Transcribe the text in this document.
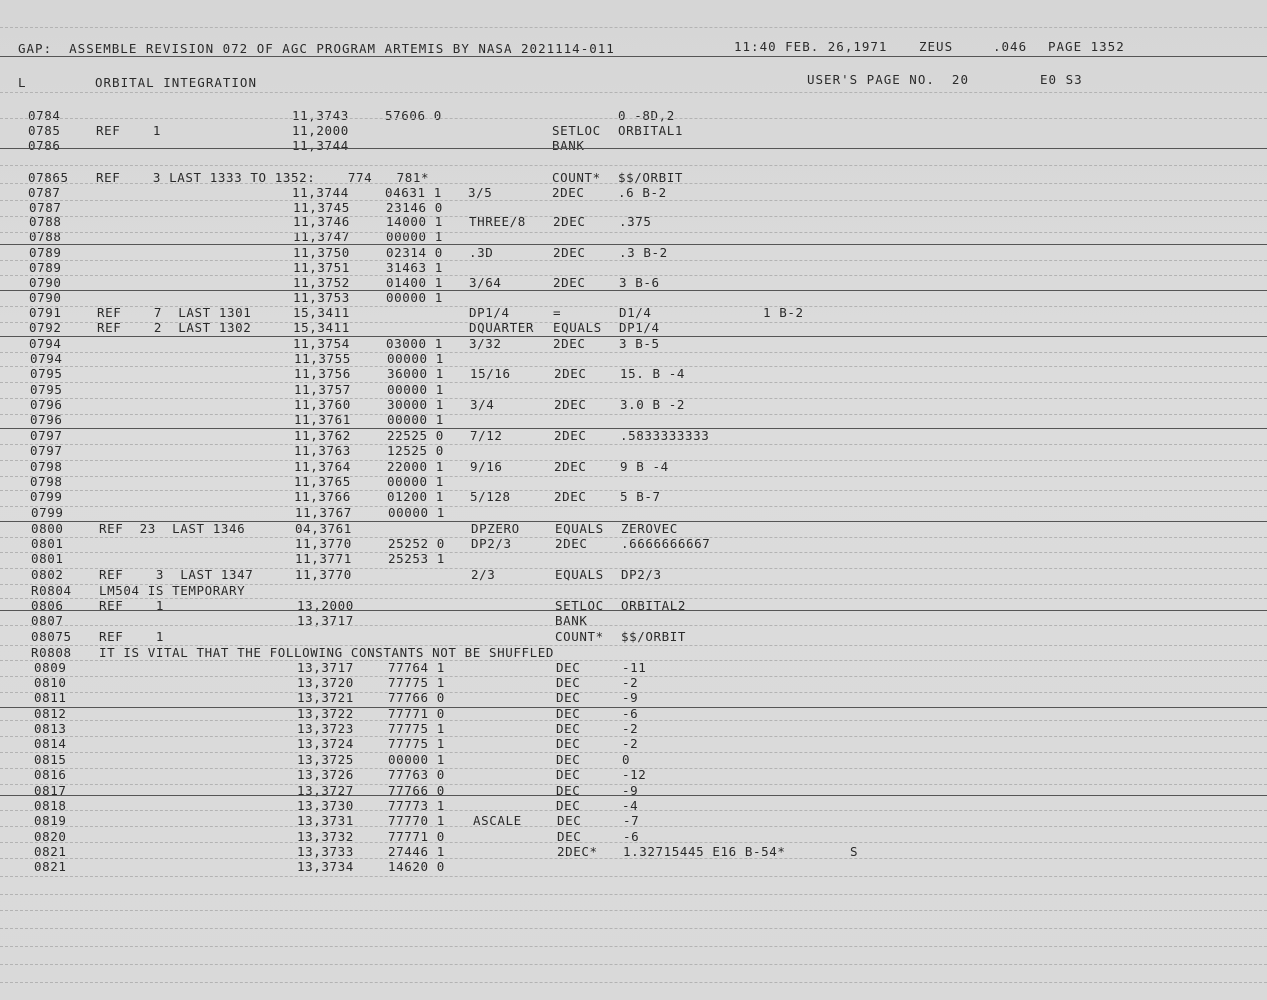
GAP:  ASSEMBLE REVISION 072 OF AGC PROGRAM ARTEMIS BY NASA 2021114-011	11:40 FEB. 26,1971	ZEUS	.046 PAGE 1352
L	ORBITAL INTEGRATION	USER'S PAGE NO.  20	E0 S3
0784	11,3743	57606 0	0 -8D,2
0785	REF    1	11,2000	SETLOC ORBITAL1
0786	11,3744	BANK
07865 REF    3 LAST 1333 TO 1352:    774   781*	COUNT* $$/ORBIT
0787	11,3744	04631 1 3/5	2DEC	.6 B-2
0787	11,3745	23146 0
0788	11,3746	14000 1 THREE/8 2DEC	.375
0788	11,3747	00000 1
0789	11,3750	02314 0 .3D	2DEC	.3 B-2
0789	11,3751	31463 1
0790	11,3752	01400 1 3/64	2DEC	3 B-6
0790	11,3753	00000 1
0791	REF    7  LAST 1301	15,3411	DP1/4	=	D1/4	1 B-2
0792	REF    2  LAST 1302	15,3411	DQUARTER EQUALS DP1/4
0794	11,3754	03000 1 3/32	2DEC	3 B-5
0794	11,3755	00000 1
0795	11,3756	36000 1 15/16	2DEC	15. B -4
0795	11,3757	00000 1
0796	11,3760	30000 1 3/4	2DEC	3.0 B -2
0796	11,3761	00000 1
0797	11,3762	22525 0 7/12	2DEC	.5833333333
0797	11,3763	12525 0
0798	11,3764	22000 1 9/16	2DEC	9 B -4
0798	11,3765	00000 1
0799	11,3766	01200 1 5/128	2DEC	5 B-7
0799	11,3767	00000 1
0800	REF  23  LAST 1346	04,3761	DPZERO	EQUALS ZEROVEC
0801	11,3770	25252 0 DP2/3	2DEC	.6666666667
0801	11,3771	25253 1
0802	REF    3  LAST 1347	11,3770	2/3	EQUALS DP2/3
R0804 LM504 IS TEMPORARY
0806	REF    1	13,2000	SETLOC ORBITAL2
0807	13,3717	BANK
08075 REF    1	COUNT* $$/ORBIT
R0808 IT IS VITAL THAT THE FOLLOWING CONSTANTS NOT BE SHUFFLED
0809	13,3717	77764 1	DEC	-11
0810	13,3720	77775 1	DEC	-2
0811	13,3721	77766 0	DEC	-9
0812	13,3722	77771 0	DEC	-6
0813	13,3723	77775 1	DEC	-2
0814	13,3724	77775 1	DEC	-2
0815	13,3725	00000 1	DEC	0
0816	13,3726	77763 0	DEC	-12
0817	13,3727	77766 0	DEC	-9
0818	13,3730	77773 1	DEC	-4
0819	13,3731	77770 1 ASCALE	DEC	-7
0820	13,3732	77771 0	DEC	-6
0821	13,3733	27446 1	2DEC* 1.32715445 E16 B-54*	S
0821	13,3734	14620 0
